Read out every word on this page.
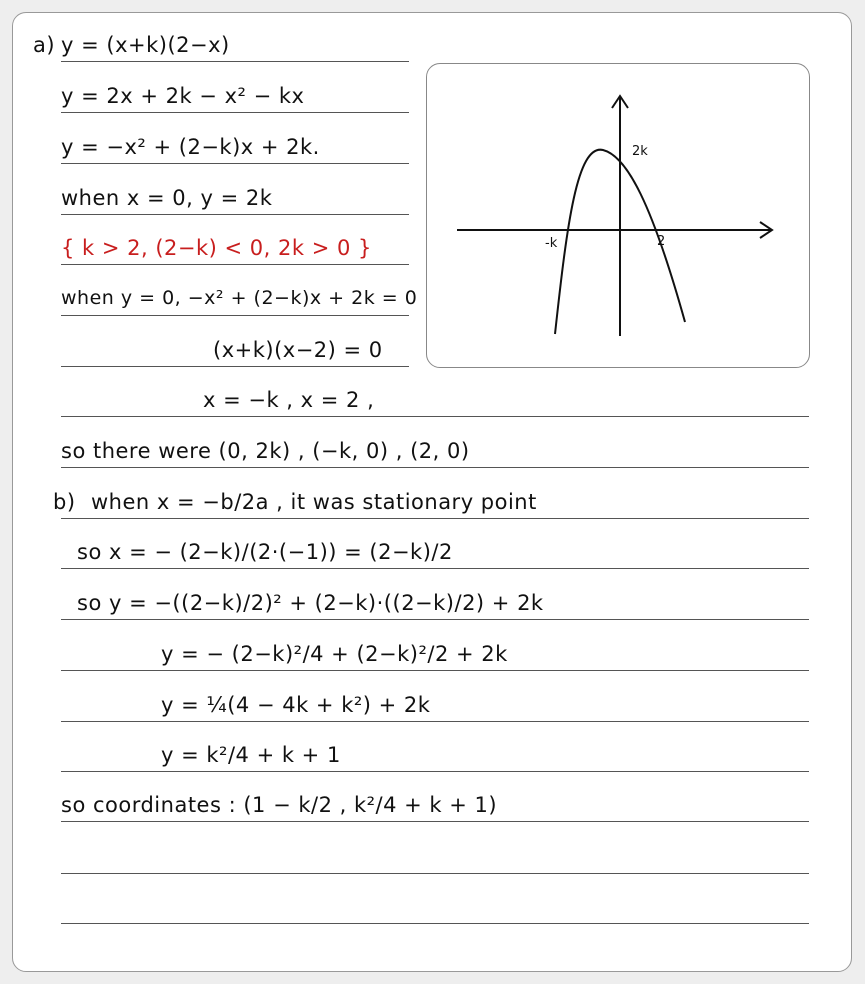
a) y = (x+k)(2−x)
y = 2x + 2k − x² − kx
y = −x² + (2−k)x + 2k.
when x = 0, y = 2k
{ k > 2, (2−k) < 0, 2k > 0 }
when y = 0, −x² + (2−k)x + 2k = 0
(x+k)(x−2) = 0
x = −k , x = 2 ,
so there were (0, 2k) , (−k, 0) , (2, 0)
b) when x = −b/2a , it was stationary point
so x = − (2−k)/(2·(−1)) = (2−k)/2
so y = −((2−k)/2)² + (2−k)·((2−k)/2) + 2k
y = − (2−k)²/4 + (2−k)²/2 + 2k
y = ¼(4 − 4k + k²) + 2k
y = k²/4 + k + 1
so coordinates : (1 − k/2 , k²/4 + k + 1)
2k
-k	2
